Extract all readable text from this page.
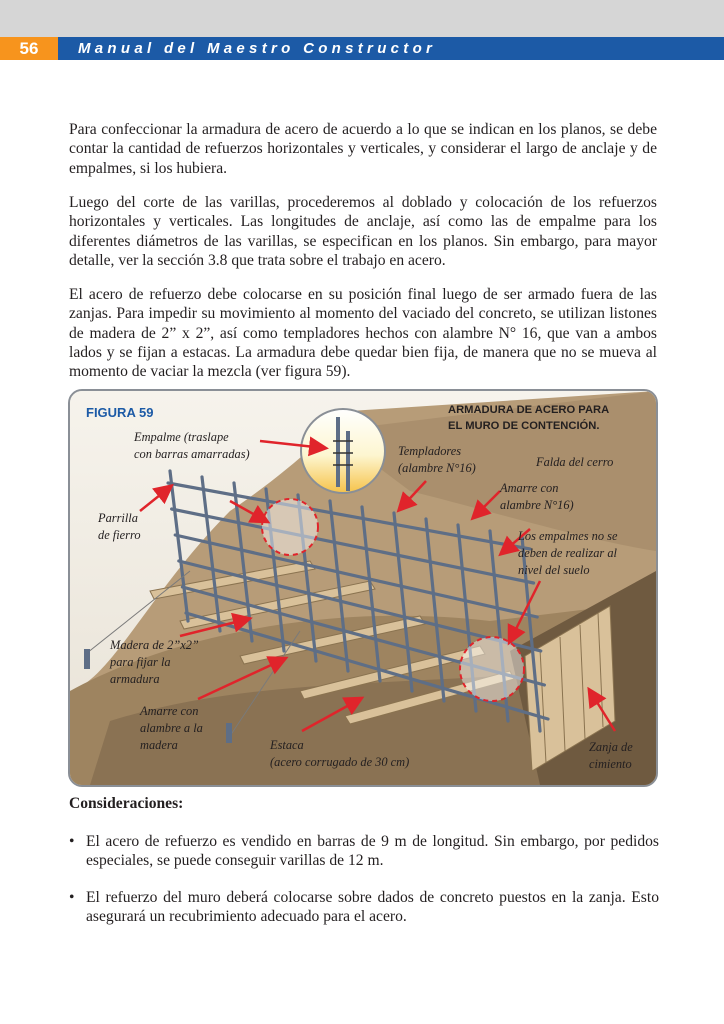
56	Manual del Maestro Constructor

Para confeccionar la armadura de acero de acuerdo a lo que se indican en los planos, se debe contar la cantidad de refuerzos horizontales y verticales, y considerar el largo de anclaje y de empalmes, si los hubiera.

Luego del corte de las varillas, procederemos al doblado y colocación de los refuerzos horizontales y verticales. Las longitudes de anclaje, así como las de empalme para los diferentes diámetros de las varillas, se especifican en los planos. Sin embargo, para mayor detalle, ver la sección 3.8 que trata sobre el trabajo en acero.

El acero de refuerzo debe colocarse en su posición final luego de ser armado fuera de las zanjas. Para impedir su movimiento al momento del vaciado del concreto, se utilizan listones de madera de 2” x 2”, así como templadores hechos con alambre N° 16, que van a ambos lados y se fijan a estacas. La armadura debe quedar bien fija, de manera que no se mueva al momento de vaciar la mezcla (ver figura 59).

FIGURA 59	ARMADURA DE ACERO PARA
EL MURO DE CONTENCIÓN.
Empalme (traslape
con barras amarradas)	Templadores
(alambre N°16)	Falda del cerro
Amarre con
alambre N°16)
Parrilla
de fierro	Los empalmes no se
deben de realizar al
nivel del suelo
Madera de 2”x2”
para fijar la
armadura
Amarre con
alambre a la
madera	Estaca
(acero corrugado de 30 cm)
Zanja de
cimiento

Consideraciones:

• El acero de refuerzo es vendido en barras de 9 m de longitud. Sin embargo, por pedidos especiales, se puede conseguir varillas de 12 m.
• El refuerzo del muro deberá colocarse sobre dados de concreto puestos en la zanja. Esto asegurará un recubrimiento adecuado para el acero.
